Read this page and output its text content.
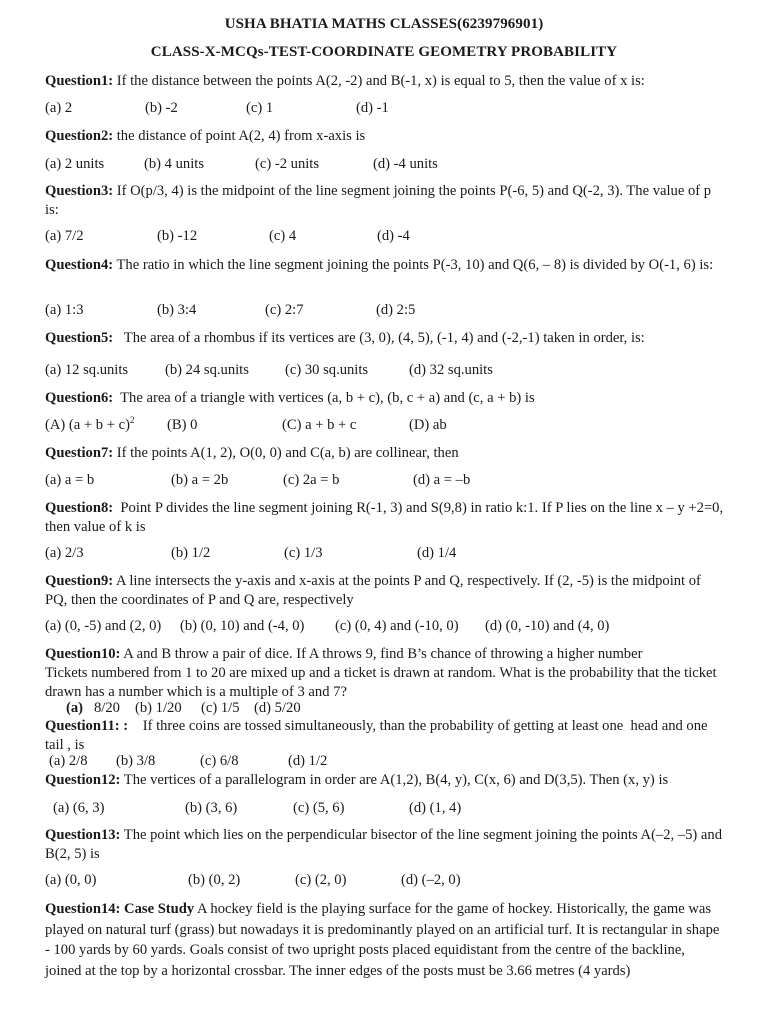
USHA BHATIA MATHS CLASSES(6239796901)
CLASS-X-MCQs-TEST-COORDINATE GEOMETRY PROBABILITY
Question1: If the distance between the points A(2, -2) and B(-1, x) is equal to 5, then the value of x is:
(a) 2	(b) -2	(c) 1	(d) -1
Question2: the distance of point A(2, 4) from x-axis is
(a) 2 units	(b) 4 units	(c) -2 units	(d) -4 units
Question3: If O(p/3, 4) is the midpoint of the line segment joining the points P(-6, 5) and Q(-2, 3). The value of p is:
(a) 7/2	(b) -12	(c) 4	(d) -4
Question4: The ratio in which the line segment joining the points P(-3, 10) and Q(6, – 8) is divided by O(-1, 6) is:
(a) 1:3	(b) 3:4	(c) 2:7	(d) 2:5
Question5:   The area of a rhombus if its vertices are (3, 0), (4, 5), (-1, 4) and (-2,-1) taken in order, is:
(a) 12 sq.units	(b) 24 sq.units (c) 30 sq.units	(d) 32 sq.units
Question6:  The area of a triangle with vertices (a, b + c), (b, c + a) and (c, a + b) is
(A) $(a + b + c)^2$ (B) 0	(C) a + b + c	(D) ab
Question7: If the points A(1, 2), O(0, 0) and C(a, b) are collinear, then
(a) a = b	(b) a = 2b	(c) 2a = b	(d) a = –b
Question8:  Point P divides the line segment joining R(-1, 3) and S(9,8) in ratio k:1. If P lies on the line x – y +2=0, then value of k is
(a) 2/3	(b) 1/2	(c) 1/3	(d) 1/4
Question9: A line intersects the y-axis and x-axis at the points P and Q, respectively. If (2, -5) is the midpoint of PQ, then the coordinates of P and Q are, respectively
(a) (0, -5) and (2, 0) (b) (0, 10) and (-4, 0) (c) (0, 4) and (-10, 0) (d) (0, -10) and (4, 0)
Question10: A and B throw a pair of dice. If A throws 9, find B’s chance of throwing a higher number
Tickets numbered from 1 to 20 are mixed up and a ticket is drawn at random. What is the probability that the ticket drawn has a number which is a multiple of 3 and 7?
(a) 8/20 (b) 1/20 (c) 1/5 (d) 5/20
Question11: :    If three coins are tossed simultaneously, than the probability of getting at least one  head and one tail , is
(a) 2/8 (b) 3/8	(c) 6/8	(d) 1/2
Question12: The vertices of a parallelogram in order are A(1,2), B(4, y), C(x, 6) and D(3,5). Then (x, y) is
(a) (6, 3)	(b) (3, 6)	(c) (5, 6)	(d) (1, 4)
Question13: The point which lies on the perpendicular bisector of the line segment joining the points A(–2, –5) and B(2, 5) is
(a) (0, 0)	(b) (0, 2)	(c) (2, 0)	(d) (–2, 0)
Question14: Case Study A hockey field is the playing surface for the game of hockey. Historically, the game was played on natural turf (grass) but nowadays it is predominantly played on an artificial turf. It is rectangular in shape - 100 yards by 60 yards. Goals consist of two upright posts placed equidistant from the centre of the backline, joined at the top by a horizontal crossbar. The inner edges of the posts must be 3.66 metres (4 yards)
